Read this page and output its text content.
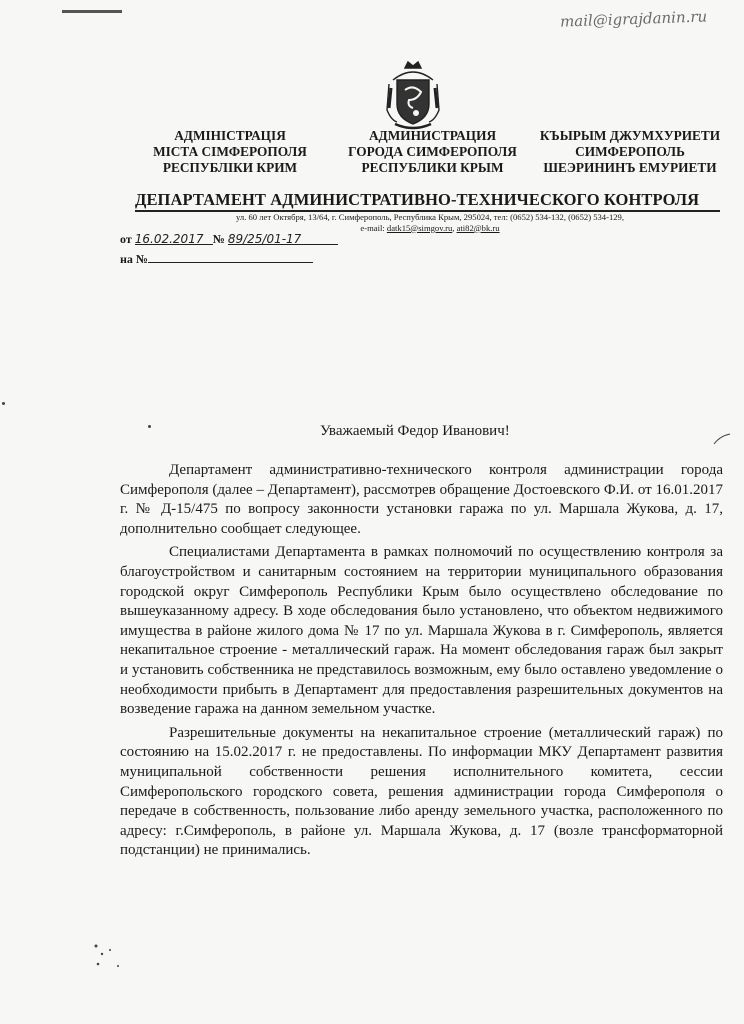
mail@igrajdanin.ru
АДМІНІСТРАЦІЯ
МІСТА СІМФЕРОПОЛЯ
РЕСПУБЛІКИ КРИМ
АДМИНИСТРАЦИЯ
ГОРОДА СИМФЕРОПОЛЯ
РЕСПУБЛИКИ КРЫМ
КЪЫРЫМ ДЖУМХУРИЕТИ
СИМФЕРОПОЛЬ
ШЕЭРИНИНЪ ЕМУРИЕТИ
ДЕПАРТАМЕНТ АДМИНИСТРАТИВНО-ТЕХНИЧЕСКОГО КОНТРОЛЯ
ул. 60 лет Октября, 13/64, г. Симферополь, Республика Крым, 295024, тел: (0652) 534-132, (0652) 534-129,
e-mail: datk15@simgov.ru, ati82@bk.ru
от 16.02.2017 № 89/25/01-17
на №
Уважаемый Федор Иванович!

Департамент административно-технического контроля администрации города Симферополя (далее – Департамент), рассмотрев обращение Достоевского Ф.И. от 16.01.2017 г. № Д-15/475 по вопросу законности установки гаража по ул. Маршала Жукова, д. 17, дополнительно сообщает следующее.

Специалистами Департамента в рамках полномочий по осуществлению контроля за благоустройством и санитарным состоянием на территории муниципального образования городской округ Симферополь Республики Крым было осуществлено обследование по вышеуказанному адресу. В ходе обследования было установлено, что объектом недвижимого имущества в районе жилого дома № 17 по ул. Маршала Жукова в г. Симферополь, является некапитальное строение - металлический гараж. На момент обследования гараж был закрыт и установить собственника не представилось возможным, ему было оставлено уведомление о необходимости прибыть в Департамент для предоставления разрешительных документов на возведение гаража на данном земельном участке.

Разрешительные документы на некапитальное строение (металлический гараж) по состоянию на 15.02.2017 г. не предоставлены. По информации МКУ Департамент развития муниципальной собственности решения исполнительного комитета, сессии Симферопольского городского совета, решения администрации города Симферополя о передаче в собственность, пользование либо аренду земельного участка, расположенного по адресу: г.Симферополь, в районе ул. Маршала Жукова, д. 17 (возле трансформаторной подстанции) не принимались.
